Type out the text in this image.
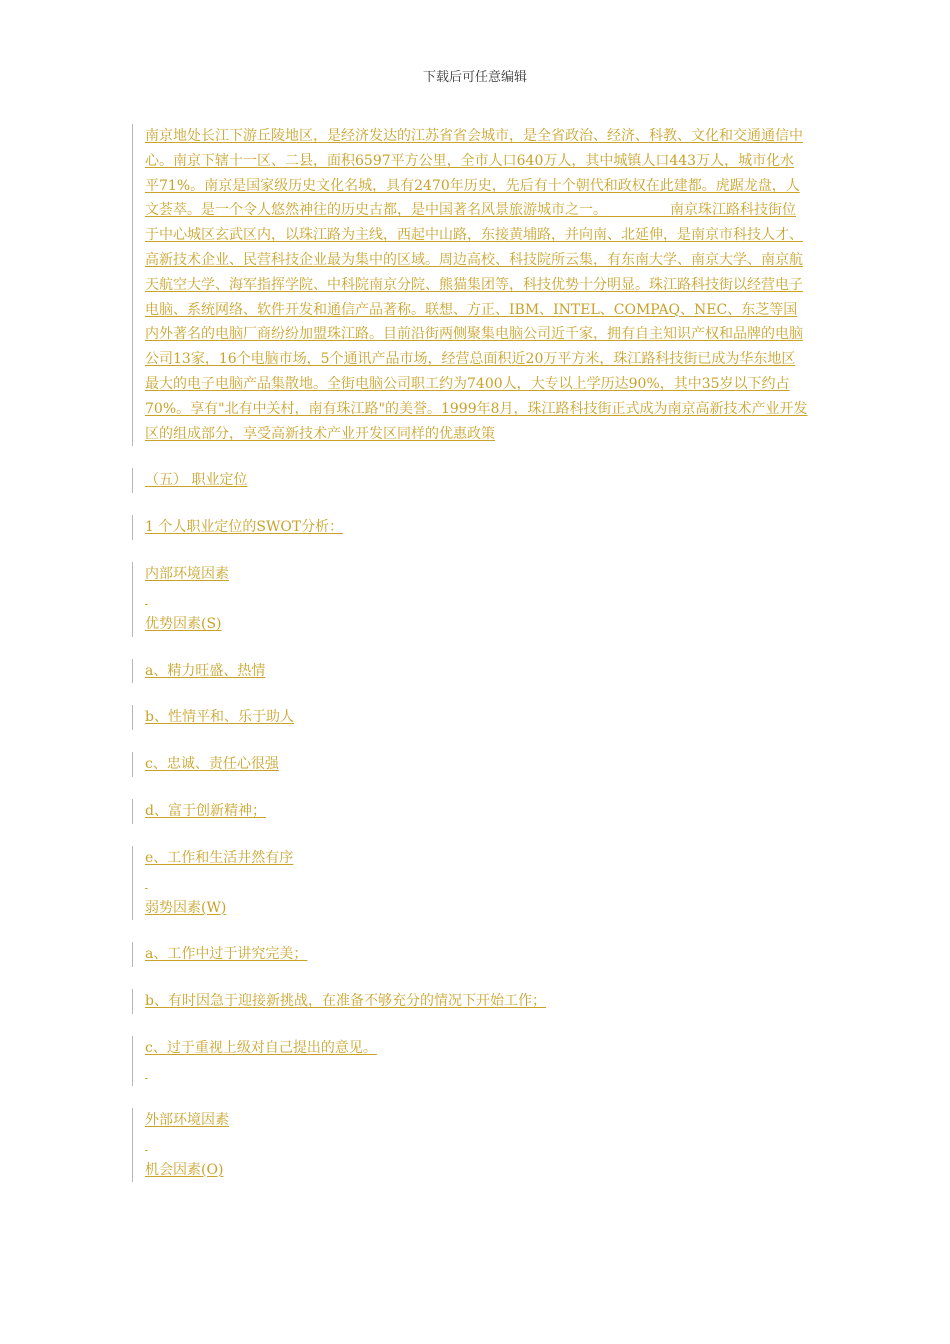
下载后可任意编辑

南京地处长江下游丘陵地区，是经济发达的江苏省省会城市，是全省政治、经济、科教、文化和交通通信中心。南京下辖十一区、二县，面积6597平方公里，全市人口640万人，其中城镇人口443万人，城市化水平71%。南京是国家级历史文化名城，具有2470年历史，先后有十个朝代和政权在此建都。虎踞龙盘，人文荟萃。是一个令人悠然神往的历史古都，是中国著名风景旅游城市之一。　　　　　南京珠江路科技街位于中心城区玄武区内，以珠江路为主线，西起中山路，东接黄埔路，并向南、北延伸，是南京市科技人才、高新技术企业、民营科技企业最为集中的区域。周边高校、科技院所云集，有东南大学、南京大学、南京航天航空大学、海军指挥学院、中科院南京分院、熊猫集团等，科技优势十分明显。珠江路科技街以经营电子电脑、系统网络、软件开发和通信产品著称。联想、方正、IBM、INTEL、COMPAQ、NEC、东芝等国内外著名的电脑厂商纷纷加盟珠江路。目前沿街两侧聚集电脑公司近千家，拥有自主知识产权和品牌的电脑公司13家，16个电脑市场，5个通讯产品市场，经营总面积近20万平方米，珠江路科技街已成为华东地区最大的电子电脑产品集散地。全街电脑公司职工约为7400人，大专以上学历达90%，其中35岁以下约占70%。享有"北有中关村，南有珠江路"的美誉。1999年8月，珠江路科技街正式成为南京高新技术产业开发区的组成部分，享受高新技术产业开发区同样的优惠政策

（五） 职业定位

1 个人职业定位的SWOT分析：

内部环境因素

优势因素(S)

a、精力旺盛、热情

b、性情平和、乐于助人

c、忠诚、责任心很强

d、富于创新精神；

e、工作和生活井然有序

弱势因素(W)

a、工作中过于讲究完美；

b、有时因急于迎接新挑战，在准备不够充分的情况下开始工作；

c、过于重视上级对自己提出的意见。

外部环境因素

机会因素(O)
